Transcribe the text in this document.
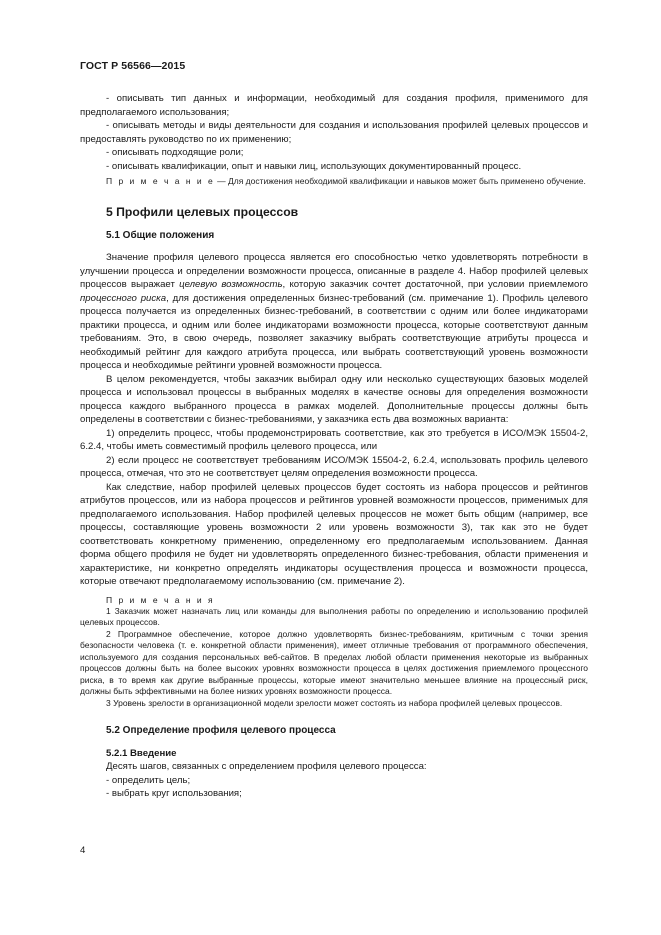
ГОСТ Р 56566—2015

- описывать тип данных и информации, необходимый для создания профиля, применимого для предполагаемого использования;

- описывать методы и виды деятельности для создания и использования профилей целевых процессов и предоставлять руководство по их применению;

- описывать подходящие роли;

- описывать квалификации, опыт и навыки лиц, использующих документированный процесс.

П р и м е ч а н и е — Для достижения необходимой квалификации и навыков может быть применено обучение.

5 Профили целевых процессов

5.1 Общие положения

Значение профиля целевого процесса является его способностью четко удовлетворять потребности в улучшении процесса и определении возможности процесса, описанные в разделе 4. Набор профилей целевых процессов выражает целевую возможность, которую заказчик сочтет достаточной, при условии приемлемого процессного риска, для достижения определенных бизнес-требований (см. примечание 1). Профиль целевого процесса получается из определенных бизнес-требований, в соответствии с одним или более индикаторами практики процесса, и одним или более индикаторами возможности процесса, которые соответствуют данным требованиям. Это, в свою очередь, позволяет заказчику выбрать соответствующие атрибуты процесса и необходимый рейтинг для каждого атрибута процесса, или выбрать соответствующий уровень возможности процесса и необходимые рейтинги уровней возможности процесса.

В целом рекомендуется, чтобы заказчик выбирал одну или несколько существующих базовых моделей процесса и использовал процессы в выбранных моделях в качестве основы для определения возможности процесса каждого выбранного процесса в рамках моделей. Дополнительные процессы должны быть определены в соответствии с бизнес-требованиями, у заказчика есть два возможных варианта:

1) определить процесс, чтобы продемонстрировать соответствие, как это требуется в ИСО/МЭК 15504-2, 6.2.4, чтобы иметь совместимый профиль целевого процесса, или

2) если процесс не соответствует требованиям ИСО/МЭК 15504-2, 6.2.4, использовать профиль целевого процесса, отмечая, что это не соответствует целям определения возможности процесса.

Как следствие, набор профилей целевых процессов будет состоять из набора процессов и рейтингов атрибутов процессов, или из набора процессов и рейтингов уровней возможности процессов, применимых для предполагаемого использования. Набор профилей целевых процессов не может быть общим (например, все процессы, составляющие уровень возможности 2 или уровень возможности 3), так как это не будет соответствовать конкретному применению, определенному его предполагаемым использованием. Данная форма общего профиля не будет ни удовлетворять определенного бизнес-требования, области применения и характеристике, ни конкретно определять индикаторы осуществления процесса и возможности процесса, которые отвечают предполагаемому использованию (см. примечание 2).

П р и м е ч а н и я

1 Заказчик может назначать лиц или команды для выполнения работы по определению и использованию профилей целевых процессов.

2 Программное обеспечение, которое должно удовлетворять бизнес-требованиям, критичным с точки зрения безопасности человека (т. е. конкретной области применения), имеет отличные требования от программного обеспечения, используемого для создания персональных веб-сайтов. В пределах любой области применения некоторые из выбранных процессов должны быть на более высоких уровнях возможности процесса в целях достижения приемлемого процессного риска, в то время как другие выбранные процессы, которые имеют значительно меньшее влияние на процессный риск, должны быть эффективными на более низких уровнях возможности процесса.

3 Уровень зрелости в организационной модели зрелости может состоять из набора профилей целевых процессов.

5.2 Определение профиля целевого процесса

5.2.1 Введение

Десять шагов, связанных с определением профиля целевого процесса:

- определить цель;

- выбрать круг использования;

4
